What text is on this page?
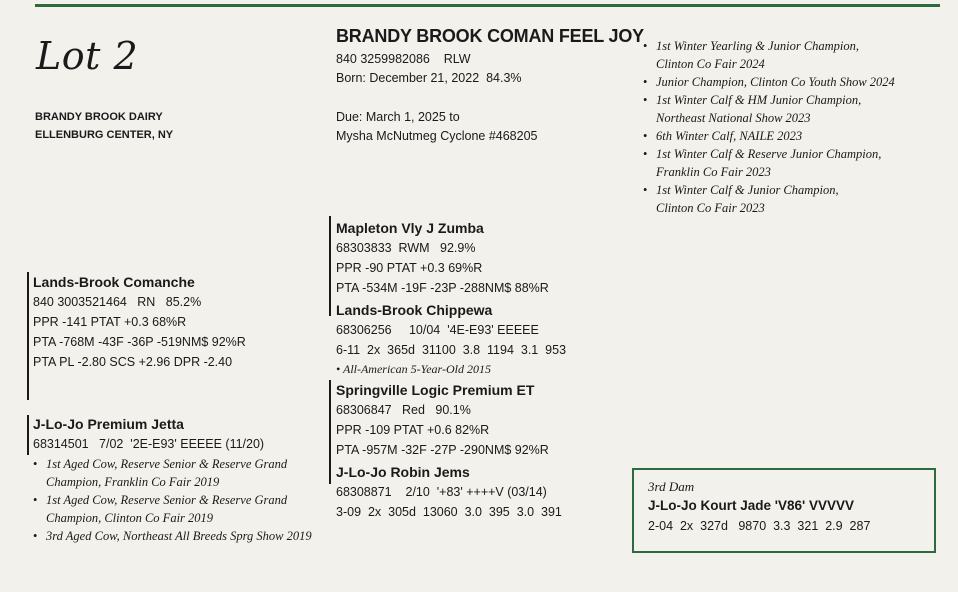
Lot 2
BRANDY BROOK DAIRY
ELLENBURG CENTER, NY
BRANDY BROOK COMAN FEEL JOY
840 3259982086    RLW
Born: December 21, 2022  84.3%
Due: March 1, 2025 to
Mysha McNutmeg Cyclone #468205
• 1st Winter Yearling & Junior Champion,
Clinton Co Fair 2024
• Junior Champion, Clinton Co Youth Show 2024
• 1st Winter Calf & HM Junior Champion,
Northeast National Show 2023
• 6th Winter Calf, NAILE 2023
• 1st Winter Calf & Reserve Junior Champion,
Franklin Co Fair 2023
• 1st Winter Calf & Junior Champion,
Clinton Co Fair 2023
Lands-Brook Comanche
840 3003521464   RN   85.2%
PPR -141 PTAT +0.3 68%R
PTA -768M -43F -36P -519NM$ 92%R
PTA PL -2.80 SCS +2.96 DPR -2.40
J-Lo-Jo Premium Jetta
68314501   7/02  '2E-E93' EEEEE (11/20)
• 1st Aged Cow, Reserve Senior & Reserve Grand
Champion, Franklin Co Fair 2019
• 1st Aged Cow, Reserve Senior & Reserve Grand
Champion, Clinton Co Fair 2019
• 3rd Aged Cow, Northeast All Breeds Sprg Show 2019
Mapleton Vly J Zumba
68303833  RWM   92.9%
PPR -90 PTAT +0.3 69%R
PTA -534M -19F -23P -288NM$ 88%R
Lands-Brook Chippewa
68306256     10/04  '4E-E93' EEEEE
6-11  2x  365d  31100  3.8  1194  3.1  953
• All-American 5-Year-Old 2015
Springville Logic Premium ET
68306847   Red   90.1%
PPR -109 PTAT +0.6 82%R
PTA -957M -32F -27P -290NM$ 92%R
J-Lo-Jo Robin Jems
68308871    2/10  '+83' ++++V (03/14)
3-09  2x  305d  13060  3.0  395  3.0  391
3rd Dam
J-Lo-Jo Kourt Jade 'V86' VVVVV
2-04  2x  327d   9870  3.3  321  2.9  287
